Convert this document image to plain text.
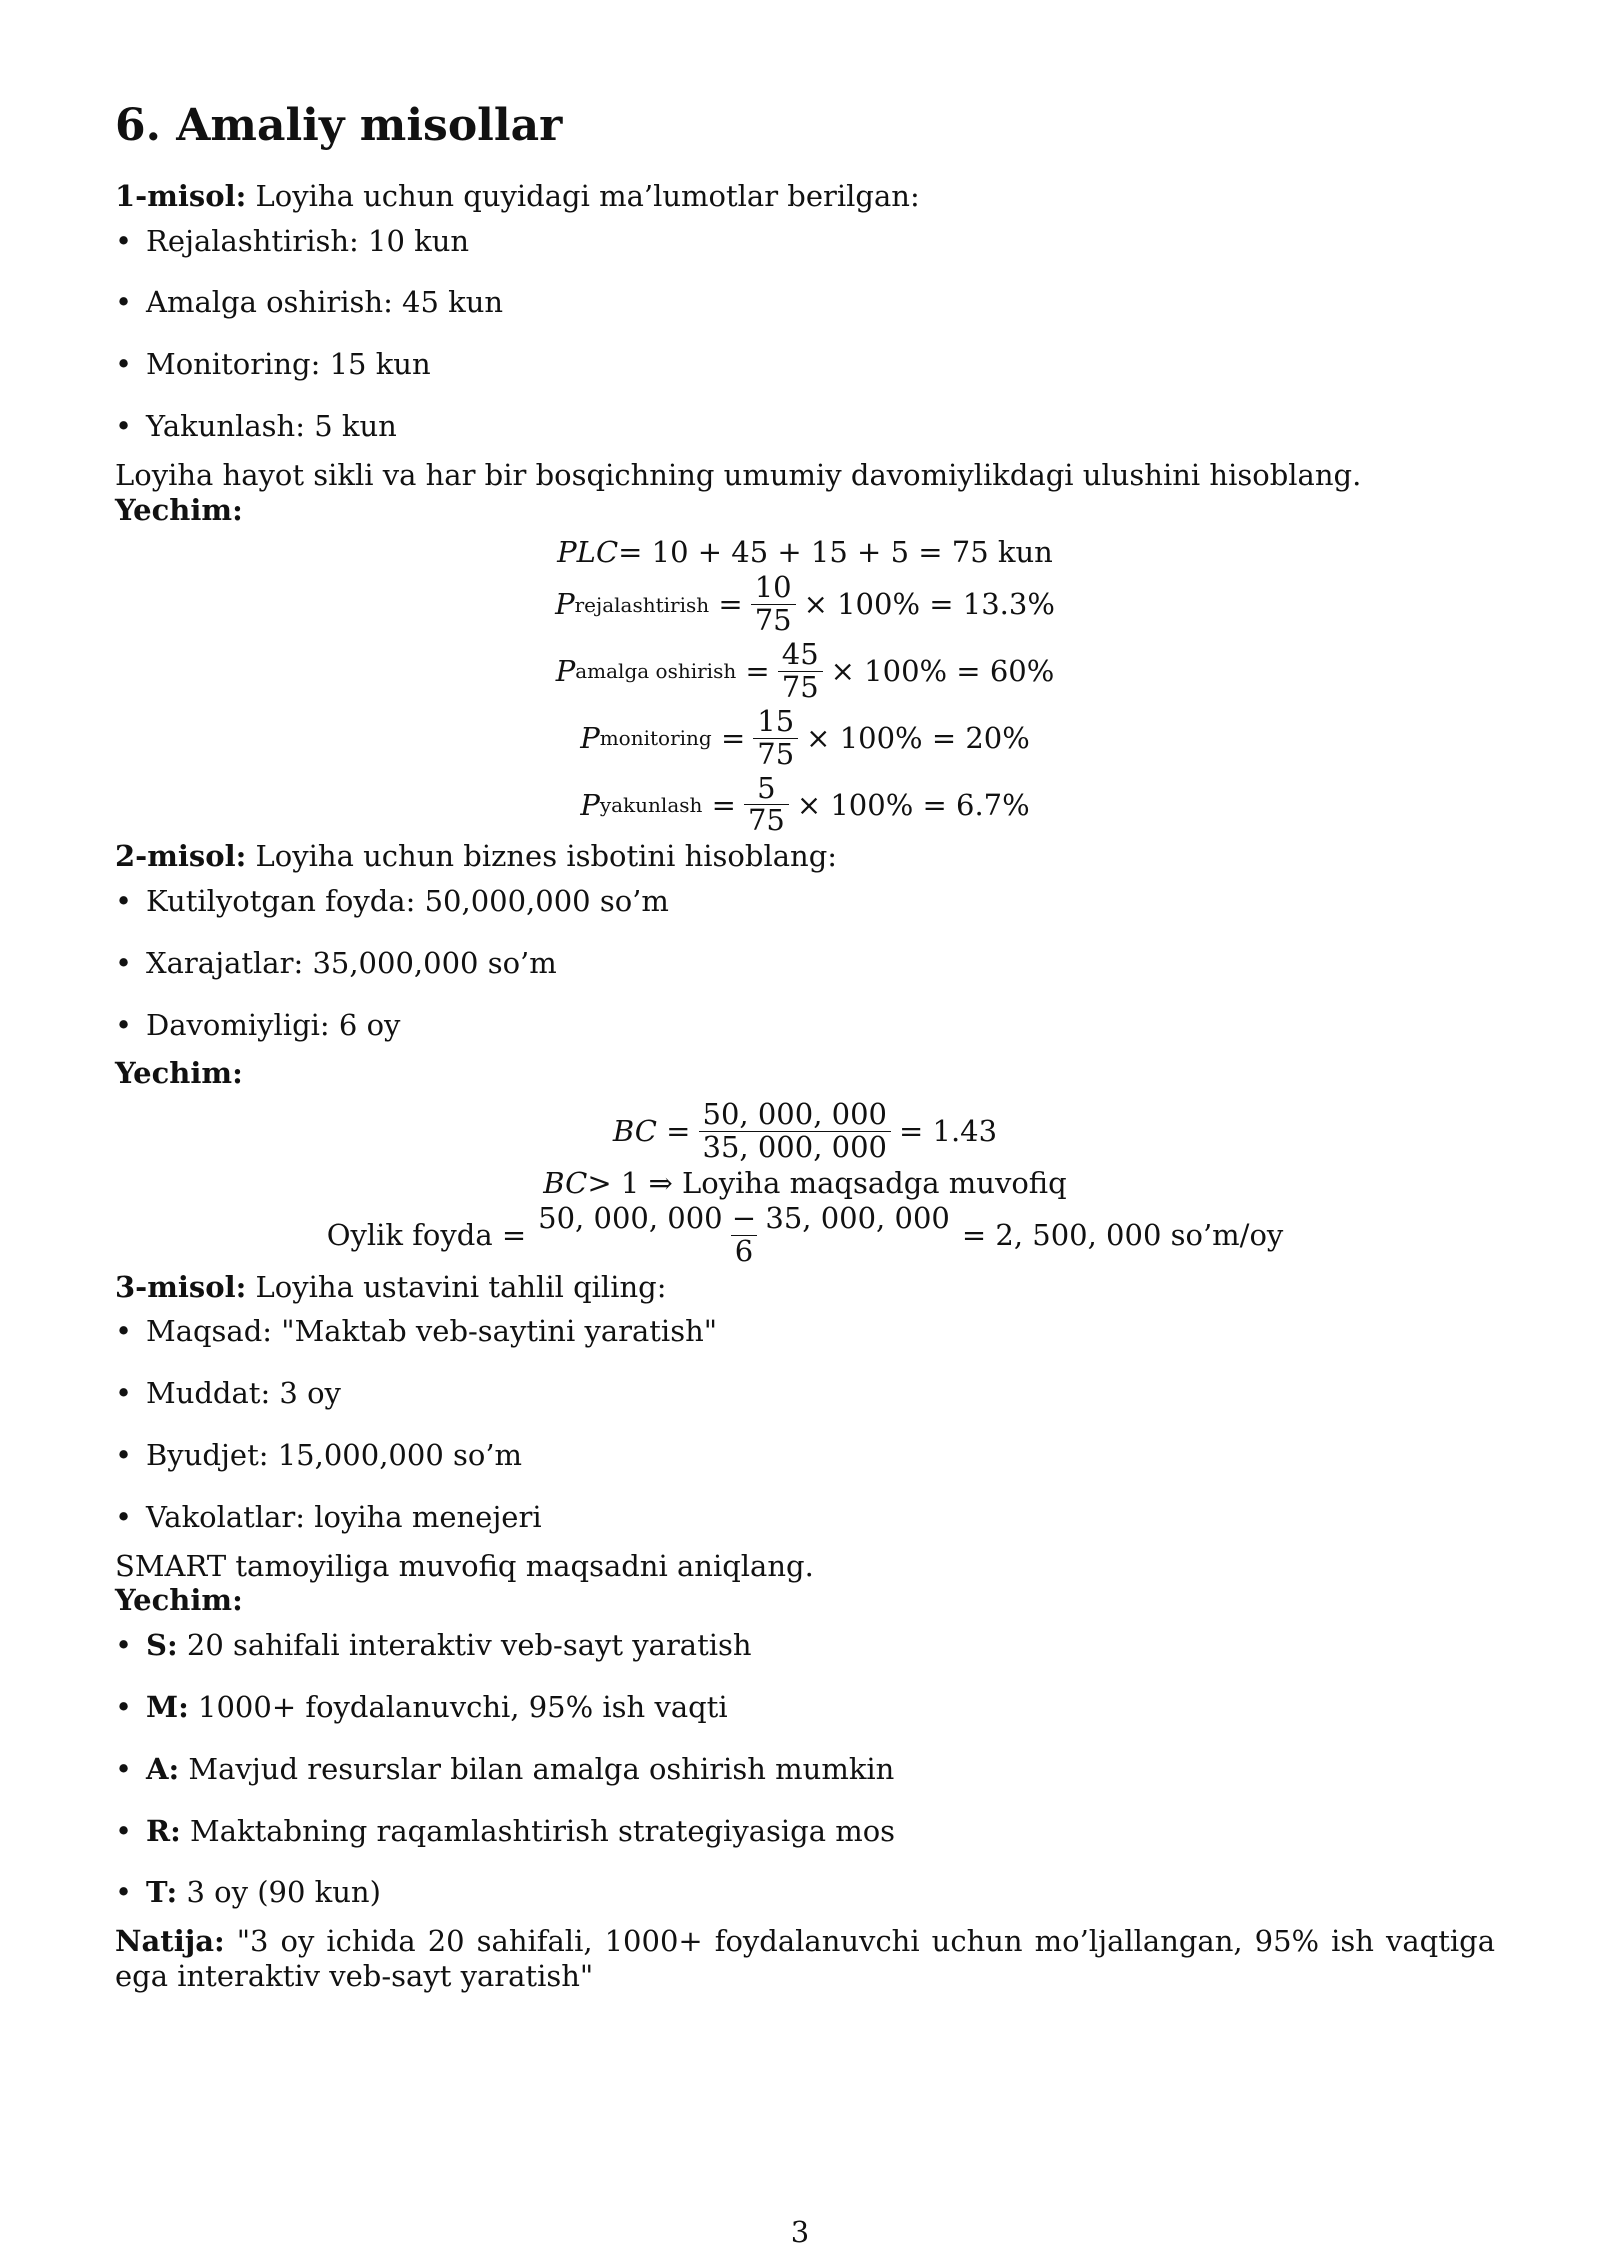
6. Amaliy misollar

1-misol: Loyiha uchun quyidagi ma’lumotlar berilgan:

• Rejalashtirish: 10 kun
• Amalga oshirish: 45 kun
• Monitoring: 15 kun
• Yakunlash: 5 kun

Loyiha hayot sikli va har bir bosqichning umumiy davomiylikdagi ulushini hisoblang.

Yechim:

PLC = 10 + 45 + 15 + 5 = 75 kun
P rejalashtirish = $\frac{10}{75} \times 100\% = 13.3\%$
P amalga oshirish = $\frac{45}{75} \times 100\% = 60\%$
P monitoring = $\frac{15}{75} \times 100\% = 20\%$
P yakunlash = $\frac{5}{75} \times 100\% = 6.7\%$

2-misol: Loyiha uchun biznes isbotini hisoblang:

• Kutilyotgan foyda: 50,000,000 so’m
• Xarajatlar: 35,000,000 so’m
• Davomiyligi: 6 oy

Yechim:

BC = $\frac{50, 000, 000}{35, 000, 000} = 1.43$
BC > 1 ⇒ Loyiha maqsadga muvofiq
Oylik foyda = $\frac{50, 000, 000 - 35, 000, 000}{6} = 2$, 500, 000 so’m/oy

3-misol: Loyiha ustavini tahlil qiling:

• Maqsad: "Maktab veb-saytini yaratish"
• Muddat: 3 oy
• Byudjet: 15,000,000 so’m
• Vakolatlar: loyiha menejeri

SMART tamoyiliga muvofiq maqsadni aniqlang.

Yechim:

• S: 20 sahifali interaktiv veb-sayt yaratish
• M: 1000+ foydalanuvchi, 95% ish vaqti
• A: Mavjud resurslar bilan amalga oshirish mumkin
• R: Maktabning raqamlashtirish strategiyasiga mos
• T: 3 oy (90 kun)

Natija: "3 oy ichida 20 sahifali, 1000+ foydalanuvchi uchun mo’ljallangan, 95% ish vaqtiga ega interaktiv veb-sayt yaratish"

3
